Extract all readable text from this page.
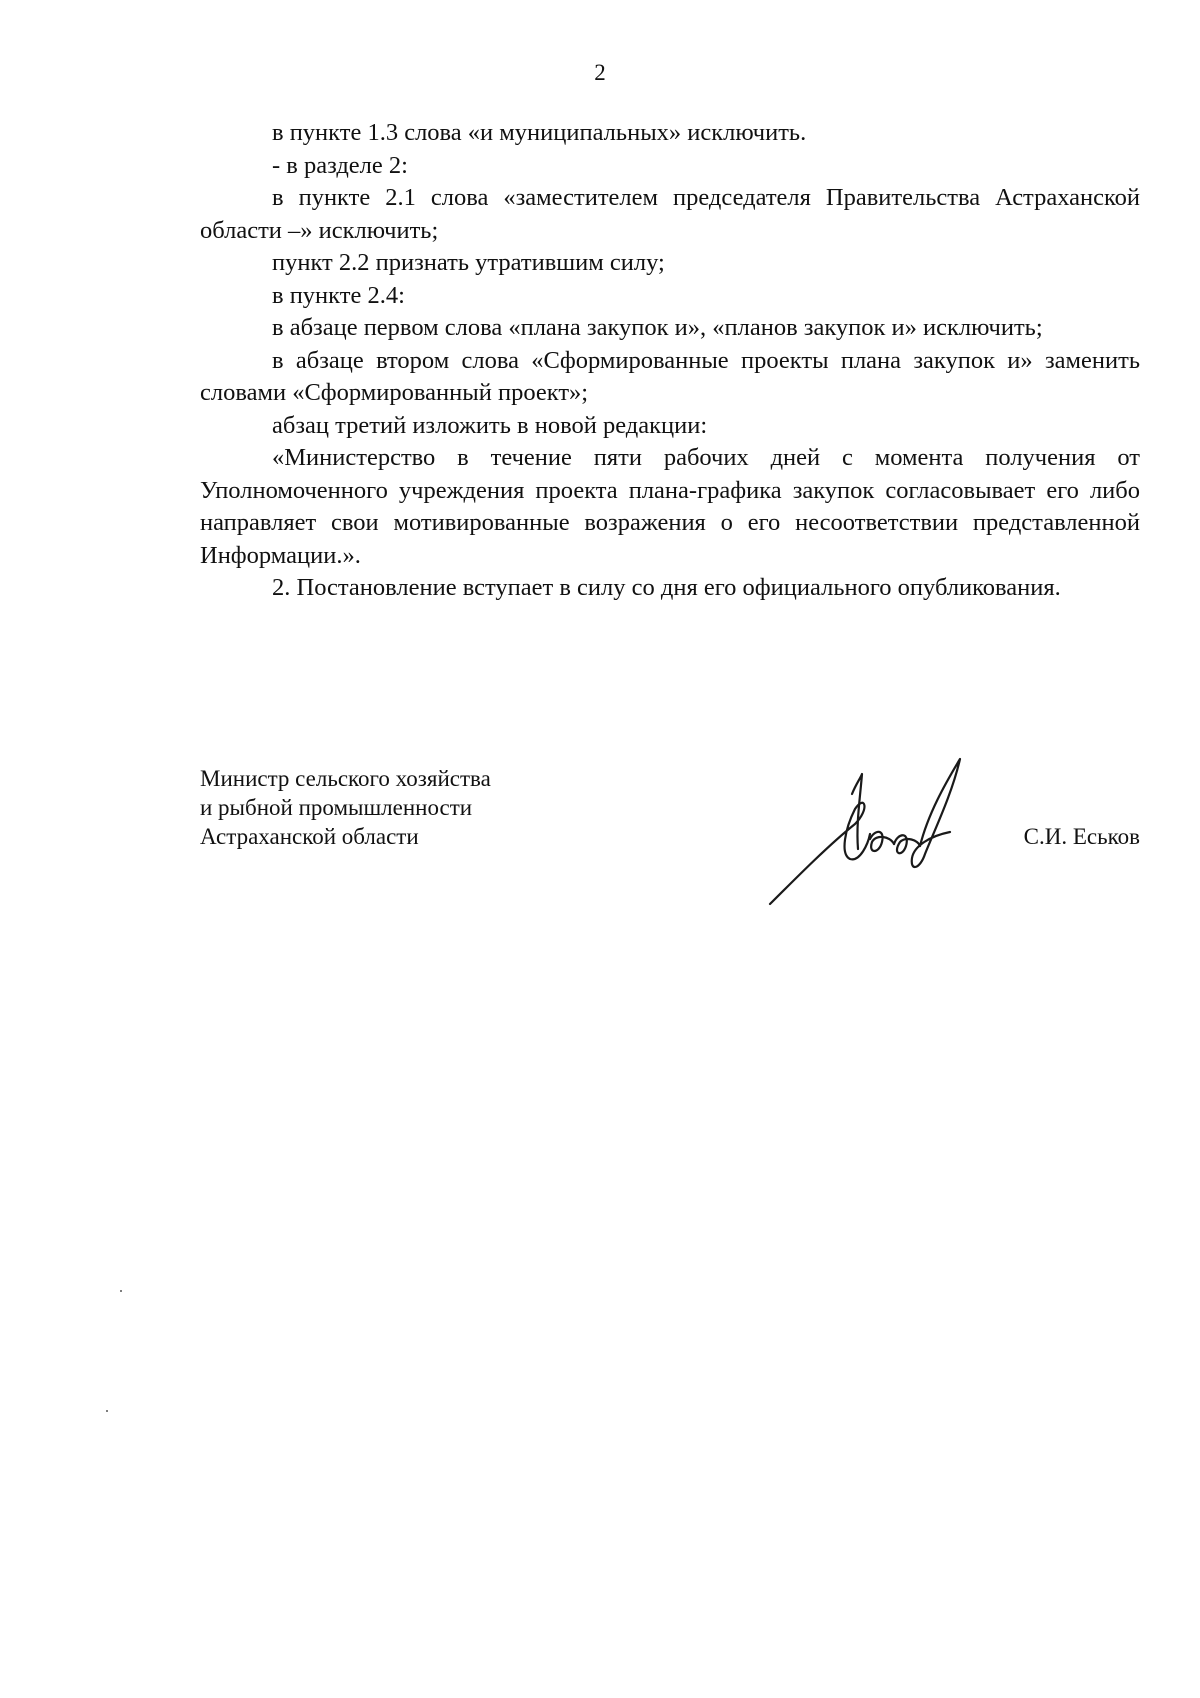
2

в пункте 1.3 слова «и муниципальных» исключить.

- в разделе 2:

в пункте 2.1 слова «заместителем председателя Правительства Астраханской области –» исключить;

пункт 2.2 признать утратившим силу;

в пункте 2.4:

в абзаце первом слова «плана закупок и», «планов закупок и» исключить;

в абзаце втором слова «Сформированные проекты плана закупок и» заменить словами «Сформированный проект»;

абзац третий изложить в новой редакции:

«Министерство в течение пяти рабочих дней с момента получения от Уполномоченного учреждения проекта плана-графика закупок согласовывает его либо направляет свои мотивированные возражения о его несоответствии представленной Информации.».

2. Постановление вступает в силу со дня его официального опубликования.

Министр сельского хозяйства
и рыбной промышленности
Астраханской области	С.И. Еськов
